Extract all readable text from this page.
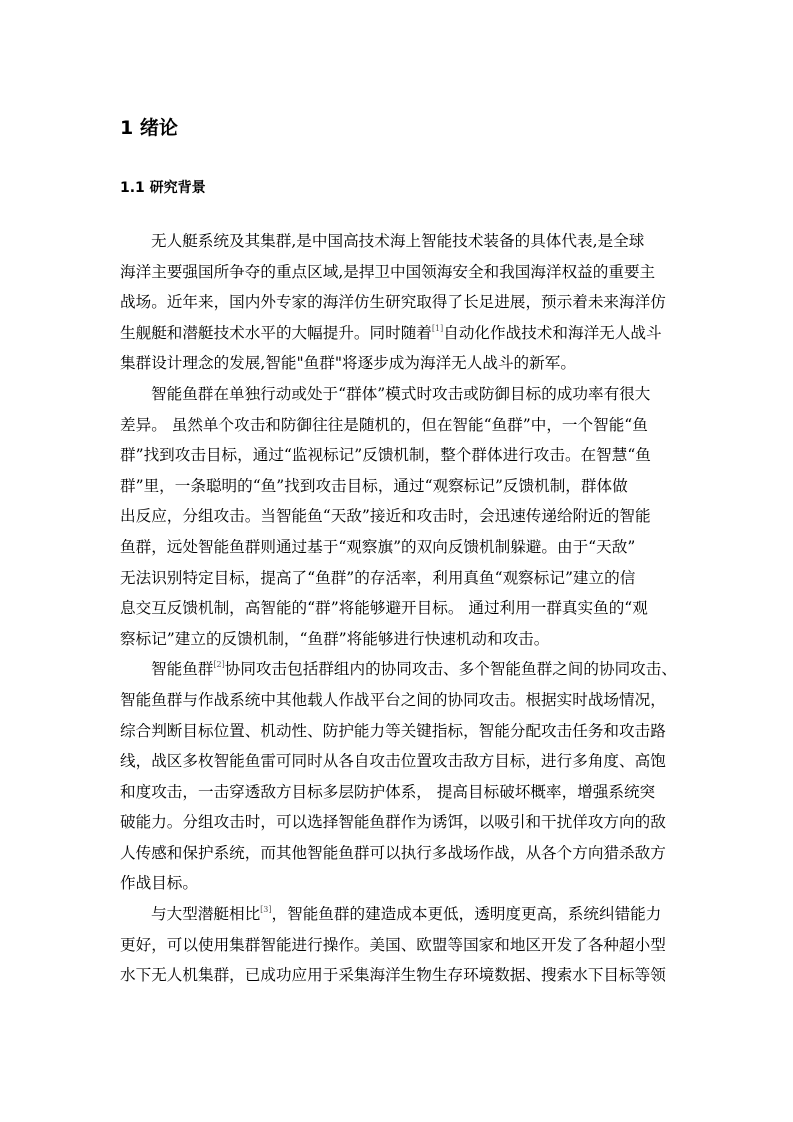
1 绪论
1.1 研究背景
无人艇系统及其集群,是中国高技术海上智能技术装备的具体代表,是全球
海洋主要强国所争夺的重点区域,是捍卫中国领海安全和我国海洋权益的重要主
战场。近年来，国内外专家的海洋仿生研究取得了长足进展，预示着未来海洋仿
生舰艇和潜艇技术水平的大幅提升。同时随着[1]自动化作战技术和海洋无人战斗
集群设计理念的发展,智能"鱼群"将逐步成为海洋无人战斗的新军。
智能鱼群在单独行动或处于“群体”模式时攻击或防御目标的成功率有很大
差异。 虽然单个攻击和防御往往是随机的，但在智能“鱼群”中，一个智能“鱼
群”找到攻击目标，通过“监视标记”反馈机制，整个群体进行攻击。在智慧“鱼
群”里，一条聪明的“鱼”找到攻击目标，通过“观察标记”反馈机制，群体做
出反应，分组攻击。当智能鱼“天敌”接近和攻击时，会迅速传递给附近的智能
鱼群，远处智能鱼群则通过基于“观察旗”的双向反馈机制躲避。由于“天敌”
无法识别特定目标，提高了“鱼群”的存活率，利用真鱼“观察标记”建立的信
息交互反馈机制，高智能的“群”将能够避开目标。 通过利用一群真实鱼的“观
察标记”建立的反馈机制，“鱼群”将能够进行快速机动和攻击。
智能鱼群[2]协同攻击包括群组内的协同攻击、多个智能鱼群之间的协同攻击、
智能鱼群与作战系统中其他载人作战平台之间的协同攻击。根据实时战场情况，
综合判断目标位置、机动性、防护能力等关键指标，智能分配攻击任务和攻击路
线，战区多枚智能鱼雷可同时从各自攻击位置攻击敌方目标，进行多角度、高饱
和度攻击，一击穿透敌方目标多层防护体系， 提高目标破坏概率，增强系统突
破能力。分组攻击时，可以选择智能鱼群作为诱饵，以吸引和干扰佯攻方向的敌
人传感和保护系统，而其他智能鱼群可以执行多战场作战，从各个方向猎杀敌方
作战目标。
与大型潜艇相比[3]，智能鱼群的建造成本更低，透明度更高，系统纠错能力
更好，可以使用集群智能进行操作。美国、欧盟等国家和地区开发了各种超小型
水下无人机集群，已成功应用于采集海洋生物生存环境数据、搜索水下目标等领
